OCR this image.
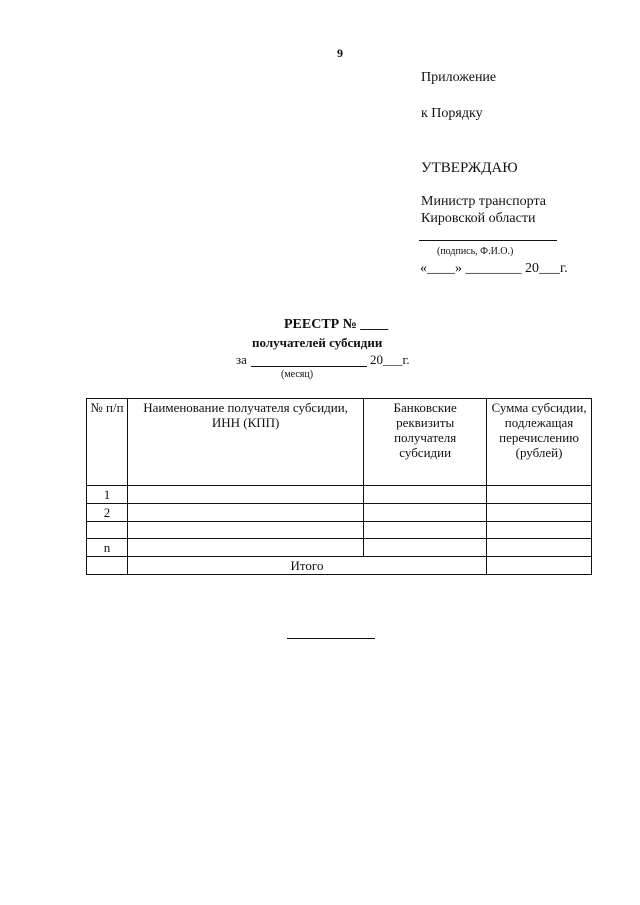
9
Приложение
к Порядку
УТВЕРЖДАЮ
Министр транспорта
Кировской области
(подпись, Ф.И.О.)
«____» ________ 20___г.
РЕЕСТР № ____
получателей субсидии
за	20___г.
(месяц)
№ п/п	Наименование получателя субсидии, ИНН (КПП)	Банковские реквизиты получателя субсидии	Сумма субсидии, подлежащая перечислению (рублей)
1			
2			

n			
	Итого		
